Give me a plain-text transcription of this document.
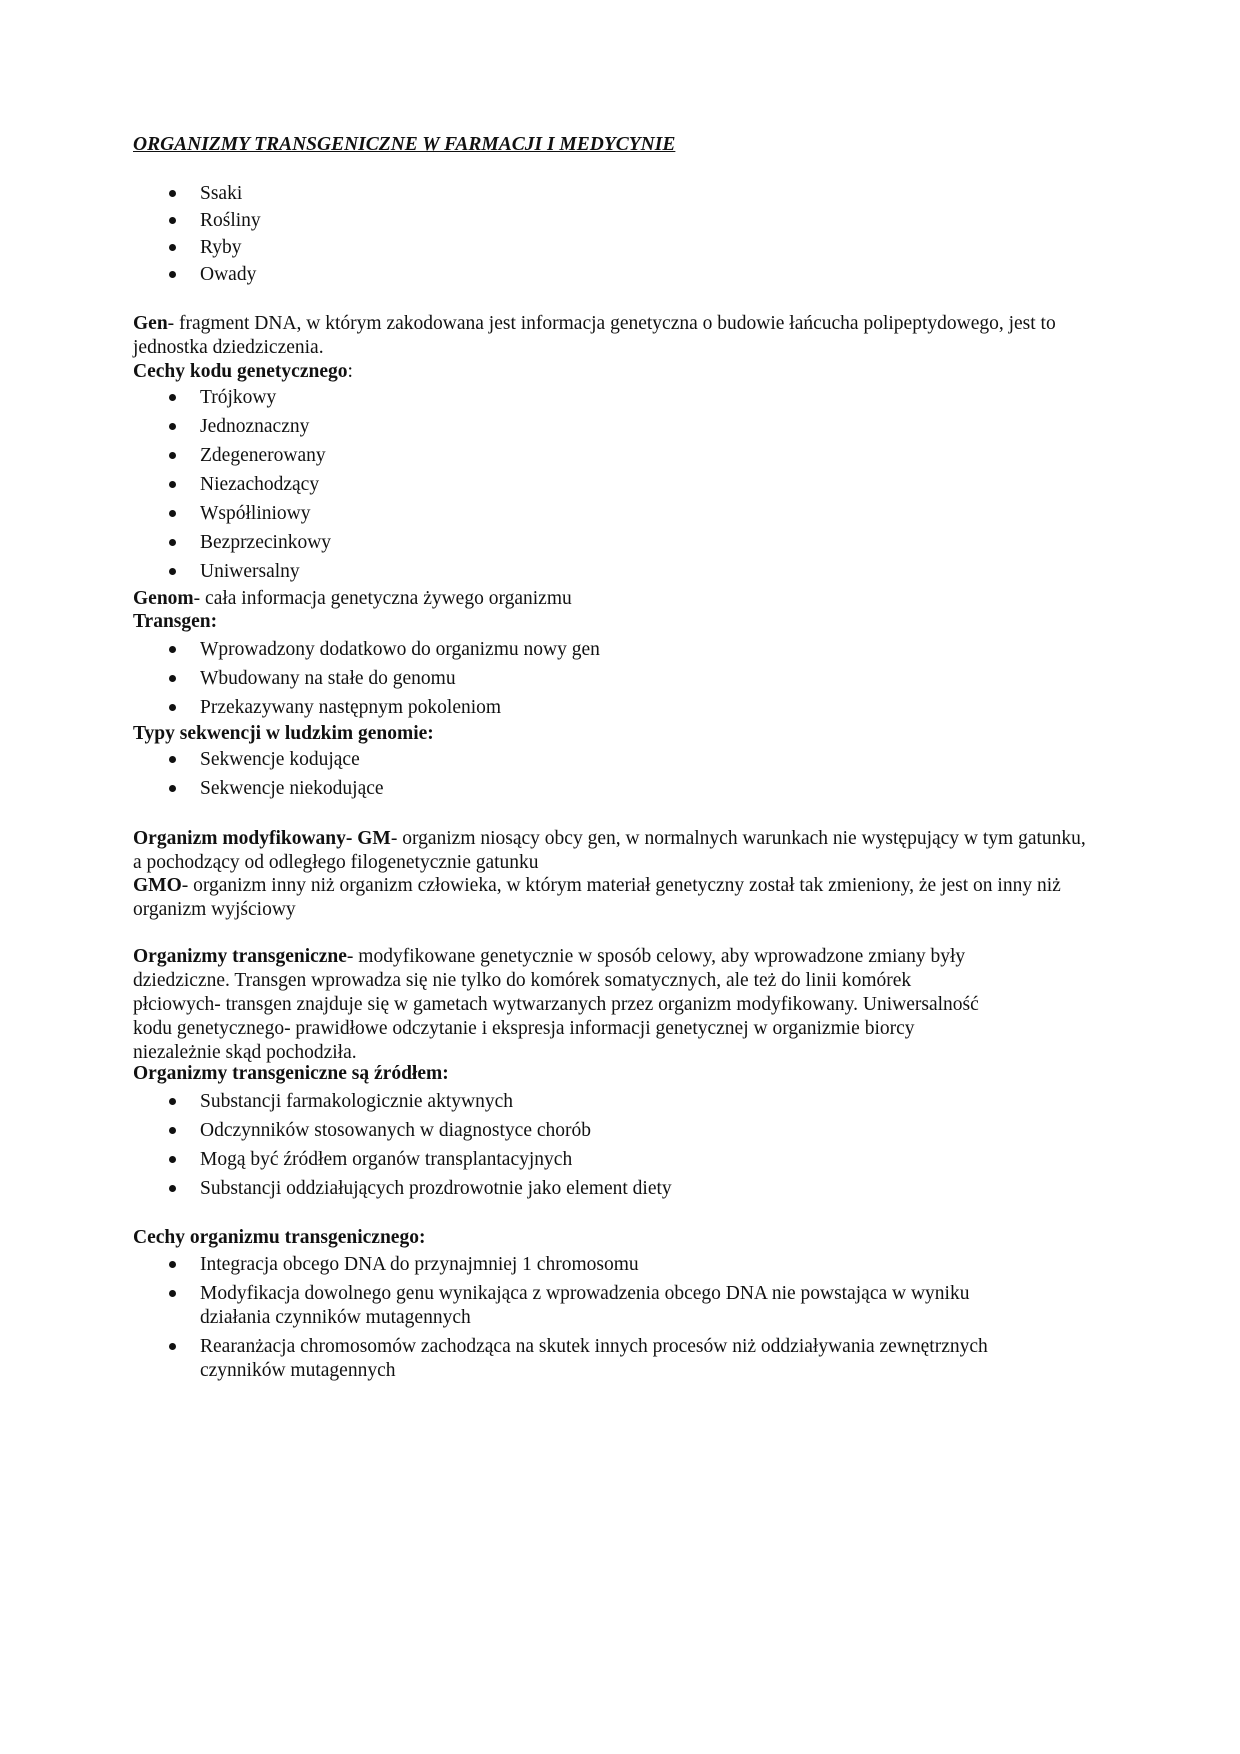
ORGANIZMY TRANSGENICZNE W FARMACJI I MEDYCYNIE
Ssaki
Rośliny
Ryby
Owady
Gen- fragment DNA, w którym zakodowana jest informacja genetyczna o budowie łańcucha polipeptydowego, jest to jednostka dziedziczenia.
Cechy kodu genetycznego:
Trójkowy
Jednoznaczny
Zdegenerowany
Niezachodzący
Współliniowy
Bezprzecinkowy
Uniwersalny
Genom- cała informacja genetyczna żywego organizmu
Transgen:
Wprowadzony dodatkowo do organizmu nowy gen
Wbudowany na stałe do genomu
Przekazywany następnym pokoleniom
Typy sekwencji w ludzkim genomie:
Sekwencje kodujące
Sekwencje niekodujące
Organizm modyfikowany- GM- organizm niosący obcy gen, w normalnych warunkach nie występujący w tym gatunku, a pochodzący od odległego filogenetycznie gatunku
GMO- organizm inny niż organizm człowieka, w którym materiał genetyczny został tak zmieniony, że jest on inny niż organizm wyjściowy
Organizmy transgeniczne- modyfikowane genetycznie w sposób celowy, aby wprowadzone zmiany były dziedziczne. Transgen wprowadza się nie tylko do komórek somatycznych, ale też do linii komórek płciowych- transgen znajduje się w gametach wytwarzanych przez organizm modyfikowany. Uniwersalność kodu genetycznego- prawidłowe odczytanie i ekspresja informacji genetycznej w organizmie biorcy niezależnie skąd pochodziła.
Organizmy transgeniczne są źródłem:
Substancji farmakologicznie aktywnych
Odczynników stosowanych w diagnostyce chorób
Mogą być źródłem organów transplantacyjnych
Substancji oddziałujących prozdrowotnie jako element diety
Cechy organizmu transgenicznego:
Integracja obcego DNA do przynajmniej 1 chromosomu
Modyfikacja dowolnego genu wynikająca z wprowadzenia obcego DNA nie powstająca w wyniku działania czynników mutagennych
Rearanżacja chromosomów zachodząca na skutek innych procesów niż oddziaływania zewnętrznych czynników mutagennych
